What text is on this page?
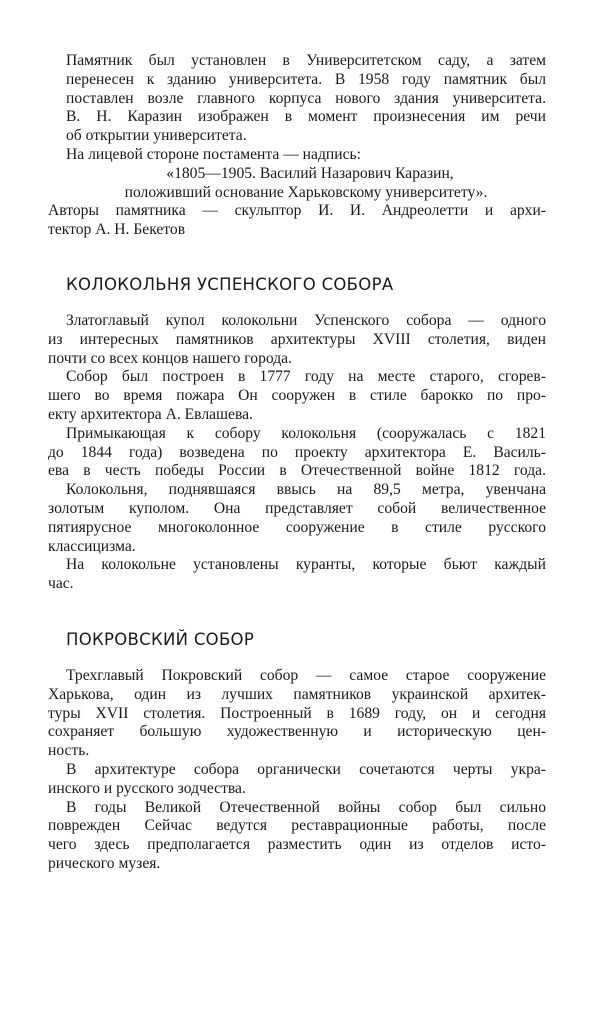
Памятник был установлен в Университетском саду, а затем
перенесен к зданию университета. В 1958 году памятник был
поставлен возле главного корпуса нового здания университета.

В. Н. Каразин изображен в момент произнесения им речи
об открытии университета.

На лицевой стороне постамента — надпись:

«1805—1905. Василий Назарович Каразин,
положивший основание Харьковскому университету».

Авторы памятника — скульптор И. И. Андреолетти и архи-
тектор А. Н. Бекетов

КОЛОКОЛЬНЯ УСПЕНСКОГО СОБОРА

Златоглавый купол колокольни Успенского собора — одного
из интересных памятников архитектуры XVIII столетия, виден
почти со всех концов нашего города.

Собор был построен в 1777 году на месте старого, сгорев-
шего во время пожара Он сооружен в стиле барокко по про-
екту архитектора А. Евлашева.

Примыкающая к собору колокольня (сооружалась с 1821
до 1844 года) возведена по проекту архитектора Е. Василь-
ева в честь победы России в Отечественной войне 1812 года.

Колокольня, поднявшаяся ввысь на 89,5 метра, увенчана
золотым куполом. Она представляет собой величественное
пятиярусное многоколонное сооружение в стиле русского
классицизма.

На колокольне установлены куранты, которые бьют каждый
час.

ПОКРОВСКИЙ СОБОР

Трехглавый Покровский собор — самое старое сооружение
Харькова, один из лучших памятников украинской архитек-
туры XVII столетия. Построенный в 1689 году, он и сегодня
сохраняет большую художественную и историческую цен-
ность.

В архитектуре собора органически сочетаются черты укра-
инского и русского зодчества.

В годы Великой Отечественной войны собор был сильно
поврежден Сейчас ведутся реставрационные работы, после
чего здесь предполагается разместить один из отделов исто-
рического музея.
